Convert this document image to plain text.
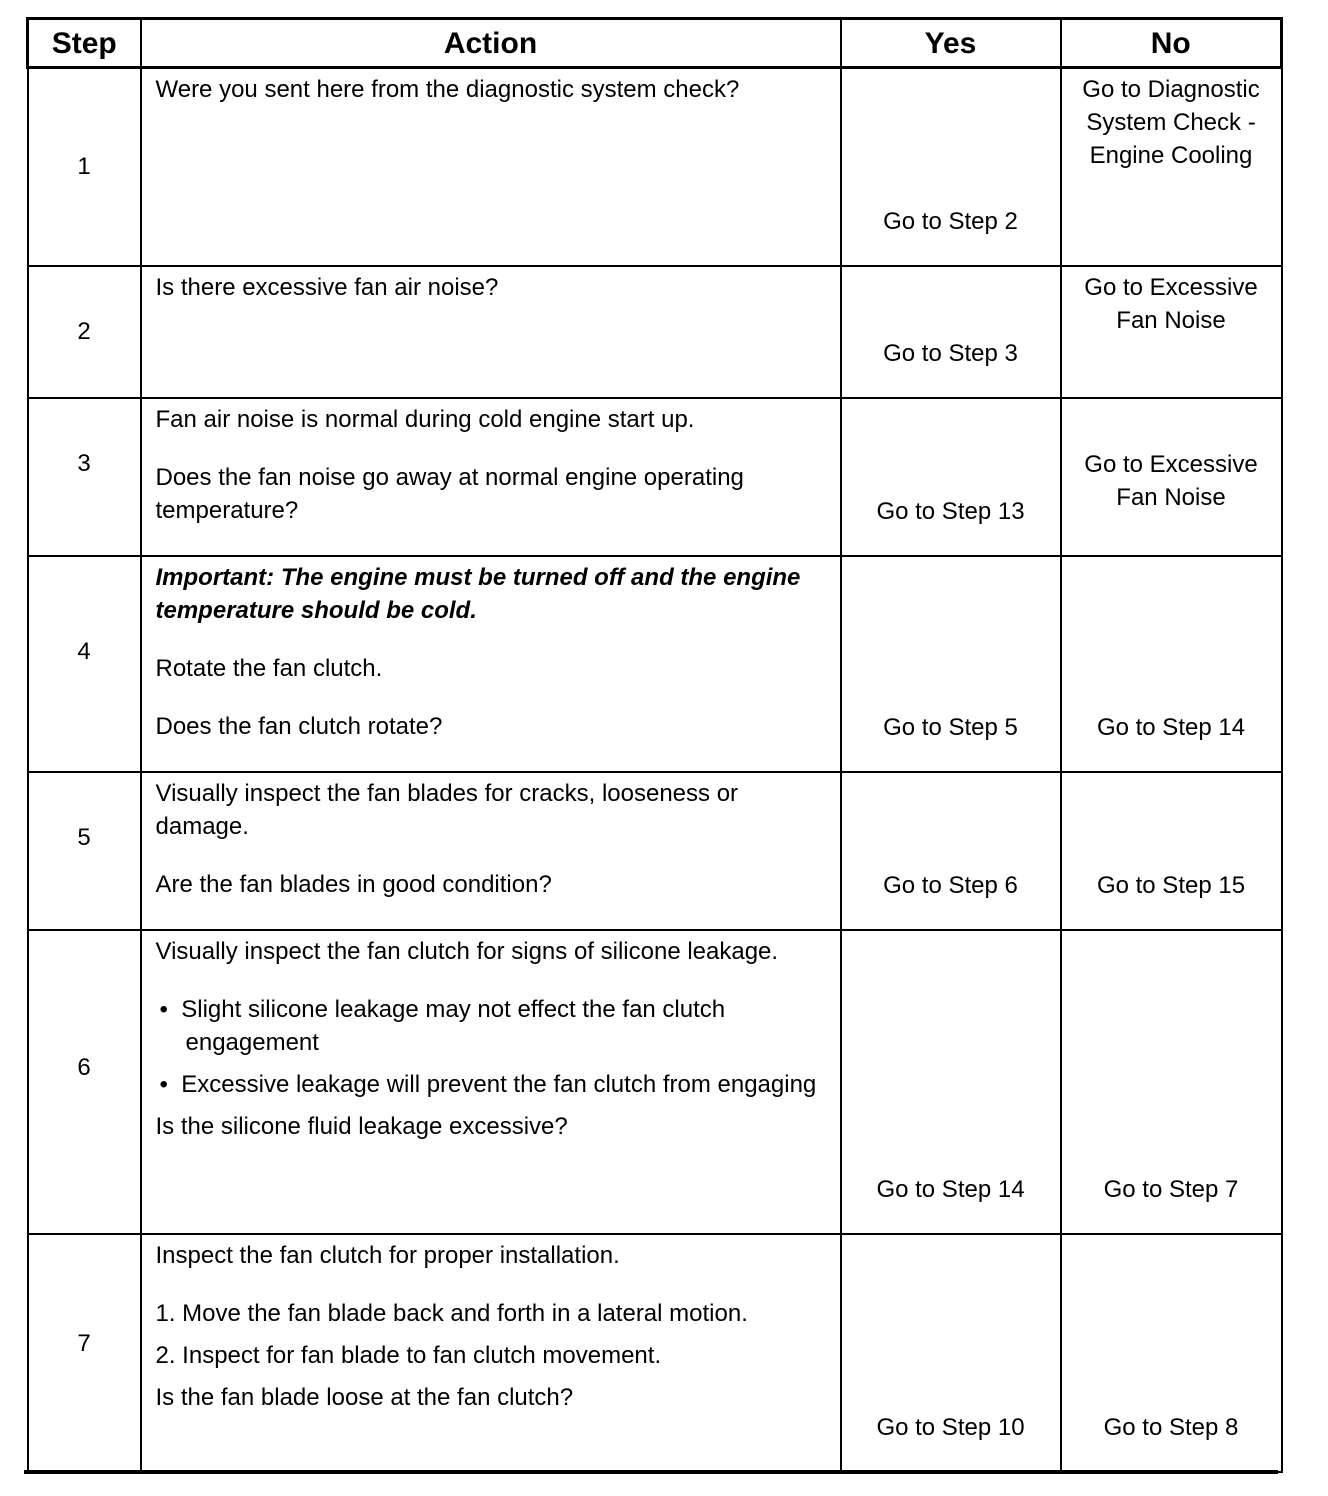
Step	Action	Yes	No
1	Were you sent here from the diagnostic system check?	Go to Step 2	Go to Diagnostic System Check - Engine Cooling

2	Is there excessive fan air noise?	Go to Step 3	Go to Excessive Fan Noise

3	Fan air noise is normal during cold engine start up.

Does the fan noise go away at normal engine operating temperature?	Go to Step 13	Go to Excessive Fan Noise

4	Important: The engine must be turned off and the engine temperature should be cold.

Rotate the fan clutch.

Does the fan clutch rotate?	Go to Step 5	Go to Step 14
5	Visually inspect the fan blades for cracks, looseness or damage.

Are the fan blades in good condition?	Go to Step 6	Go to Step 15
6	Visually inspect the fan clutch for signs of silicone leakage.

•  Slight silicone leakage may not effect the fan clutch engagement

•  Excessive leakage will prevent the fan clutch from engaging

Is the silicone fluid leakage excessive?	Go to Step 14	Go to Step 7
7	Inspect the fan clutch for proper installation.

1. Move the fan blade back and forth in a lateral motion.

2. Inspect for fan blade to fan clutch movement.

Is the fan blade loose at the fan clutch?	Go to Step 10	Go to Step 8
